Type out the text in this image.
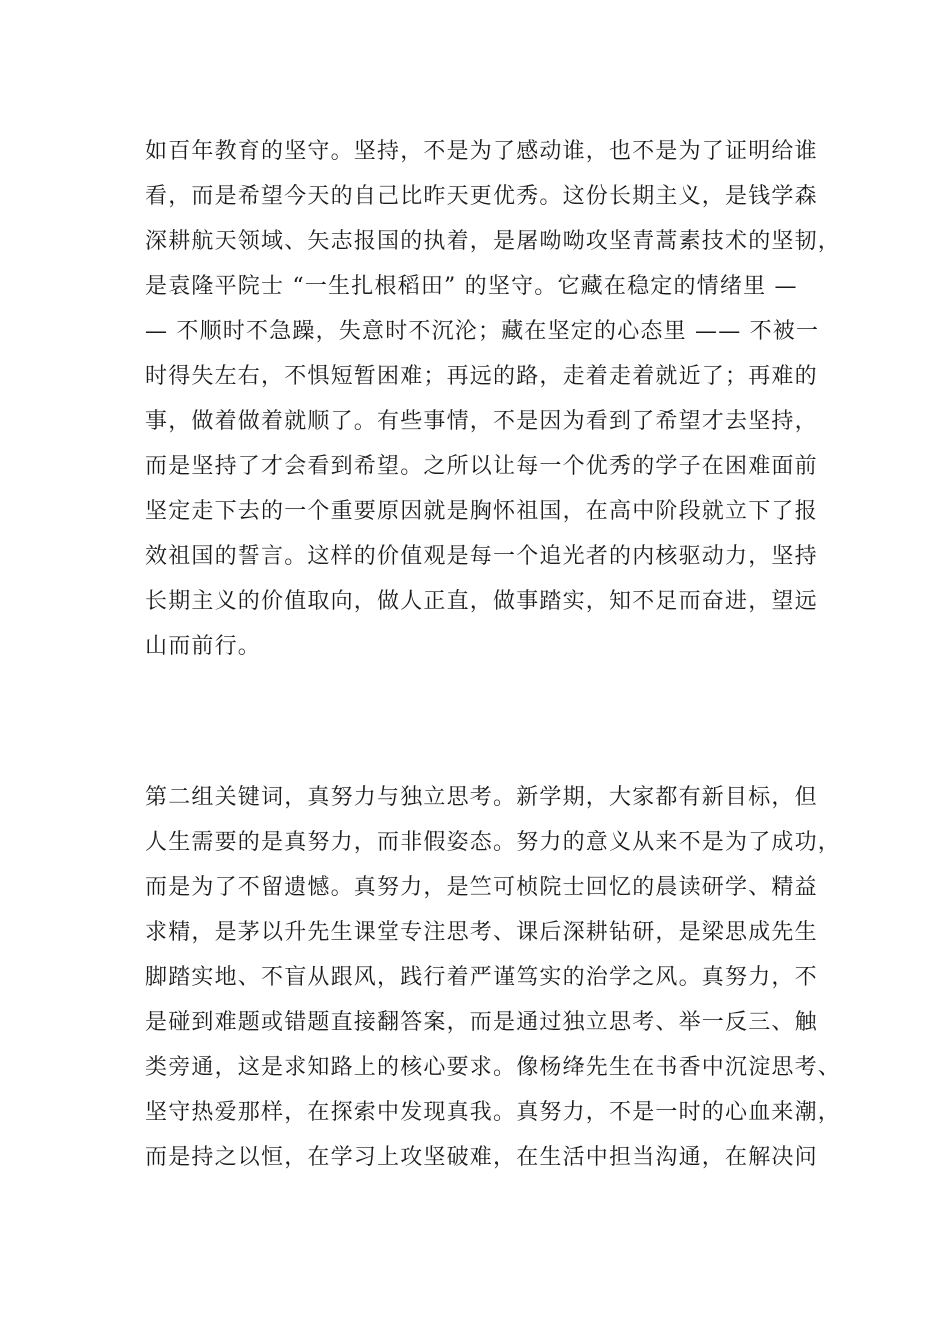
如百年教育的坚守。坚持，不是为了感动谁，也不是为了证明给谁
看，而是希望今天的自己比昨天更优秀。这份长期主义，是钱学森
深耕航天领域、矢志报国的执着，是屠呦呦攻坚青蒿素技术的坚韧，
是袁隆平院士 “一生扎根稻田” 的坚守。它藏在稳定的情绪里 —
— 不顺时不急躁，失意时不沉沦；藏在坚定的心态里 —— 不被一
时得失左右，不惧短暂困难；再远的路，走着走着就近了；再难的
事，做着做着就顺了。有些事情，不是因为看到了希望才去坚持，
而是坚持了才会看到希望。之所以让每一个优秀的学子在困难面前
坚定走下去的一个重要原因就是胸怀祖国，在高中阶段就立下了报
效祖国的誓言。这样的价值观是每一个追光者的内核驱动力，坚持
长期主义的价值取向，做人正直，做事踏实，知不足而奋进，望远
山而前行。
第二组关键词，真努力与独立思考。新学期，大家都有新目标，但
人生需要的是真努力，而非假姿态。努力的意义从来不是为了成功，
而是为了不留遗憾。真努力，是竺可桢院士回忆的晨读研学、精益
求精，是茅以升先生课堂专注思考、课后深耕钻研，是梁思成先生
脚踏实地、不盲从跟风，践行着严谨笃实的治学之风。真努力，不
是碰到难题或错题直接翻答案，而是通过独立思考、举一反三、触
类旁通，这是求知路上的核心要求。像杨绛先生在书香中沉淀思考、
坚守热爱那样，在探索中发现真我。真努力，不是一时的心血来潮，
而是持之以恒，在学习上攻坚破难，在生活中担当沟通，在解决问
